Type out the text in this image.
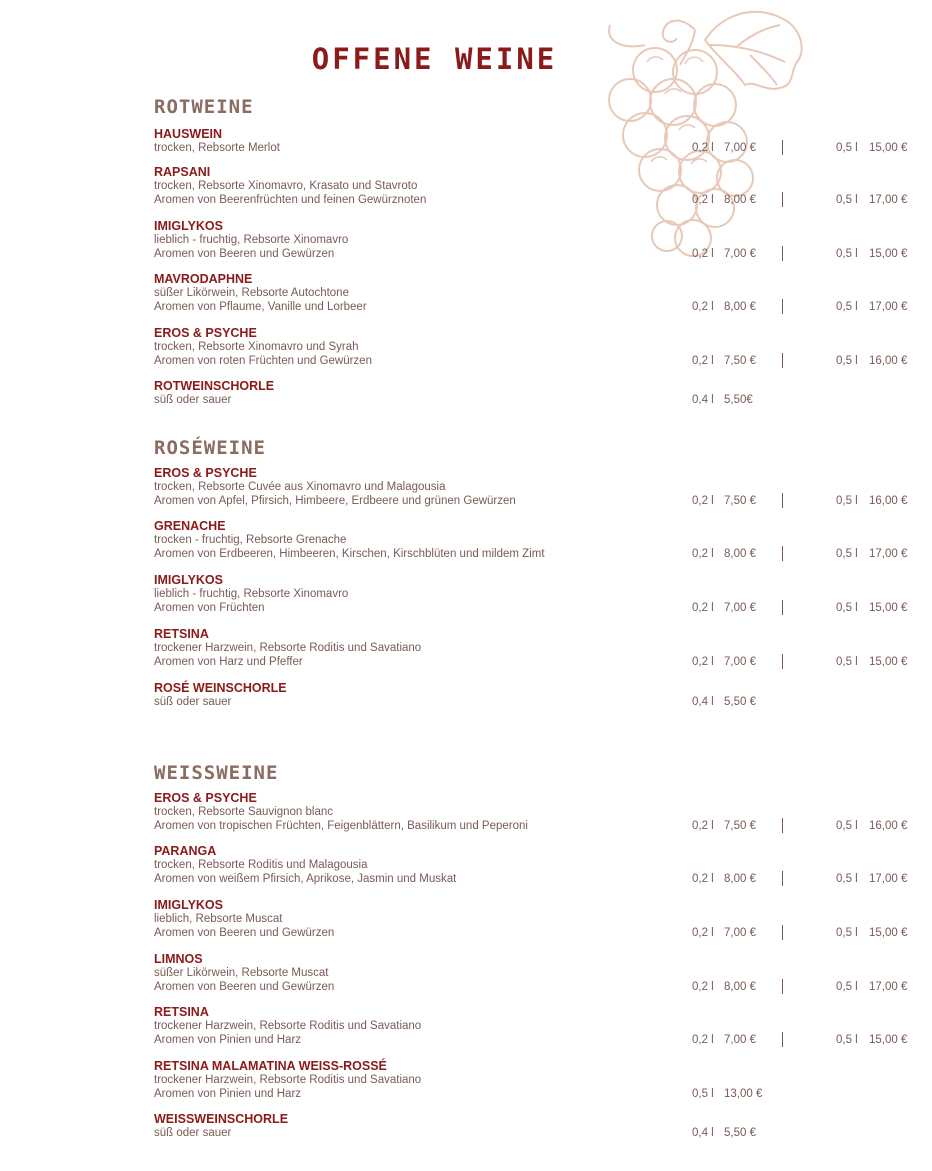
OFFENE WEINE
ROTWEINE
HAUSWEIN
trocken, Rebsorte Merlot	0,2 l 7,00 €	0,5 l 15,00 €
RAPSANI
trocken, Rebsorte Xinomavro, Krasato und Stavroto
Aromen von Beerenfrüchten und feinen Gewürznoten	0,2 l 8,00 €	0,5 l 17,00 €
IMIGLYKOS
lieblich - fruchtig, Rebsorte Xinomavro
Aromen von Beeren und Gewürzen	0,2 l 7,00 €	0,5 l 15,00 €
MAVRODAPHNE
süßer Likörwein, Rebsorte Autochtone
Aromen von Pflaume, Vanille und Lorbeer	0,2 l 8,00 €	0,5 l 17,00 €
EROS & PSYCHE
trocken, Rebsorte Xinomavro und Syrah
Aromen von roten Früchten und Gewürzen	0,2 l 7,50 €	0,5 l 16,00 €
ROTWEINSCHORLE
süß oder sauer	0,4 l 5,50€
ROSÉWEINE
EROS & PSYCHE
trocken, Rebsorte Cuvée aus Xinomavro und Malagousia
Aromen von Apfel, Pfirsich, Himbeere, Erdbeere und grünen Gewürzen	0,2 l 7,50 €	0,5 l 16,00 €
GRENACHE
trocken - fruchtig, Rebsorte Grenache
Aromen von Erdbeeren, Himbeeren, Kirschen, Kirschblüten und mildem Zimt	0,2 l 8,00 €	0,5 l 17,00 €
IMIGLYKOS
lieblich - fruchtig, Rebsorte Xinomavro
Aromen von Früchten	0,2 l 7,00 €	0,5 l 15,00 €
RETSINA
trockener Harzwein, Rebsorte Roditis und Savatiano
Aromen von Harz und Pfeffer	0,2 l 7,00 €	0,5 l 15,00 €
ROSÉ WEINSCHORLE
süß oder sauer	0,4 l 5,50 €
WEISSWEINE
EROS & PSYCHE
trocken, Rebsorte Sauvignon blanc
Aromen von tropischen Früchten, Feigenblättern, Basilikum und Peperoni	0,2 l 7,50 €	0,5 l 16,00 €
PARANGA
trocken, Rebsorte Roditis und Malagousia
Aromen von weißem Pfirsich, Aprikose, Jasmin und Muskat	0,2 l 8,00 €	0,5 l 17,00 €
IMIGLYKOS
lieblich, Rebsorte Muscat
Aromen von Beeren und Gewürzen	0,2 l 7,00 €	0,5 l 15,00 €
LIMNOS
süßer Likörwein, Rebsorte Muscat
Aromen von Beeren und Gewürzen	0,2 l 8,00 €	0,5 l 17,00 €
RETSINA
trockener Harzwein, Rebsorte Roditis und Savatiano
Aromen von Pinien und Harz	0,2 l 7,00 €	0,5 l 15,00 €
RETSINA MALAMATINA WEISS-ROSSÉ
trockener Harzwein, Rebsorte Roditis und Savatiano
Aromen von Pinien und Harz	0,5 l 13,00 €
WEISSWEINSCHORLE
süß oder sauer	0,4 l 5,50 €
